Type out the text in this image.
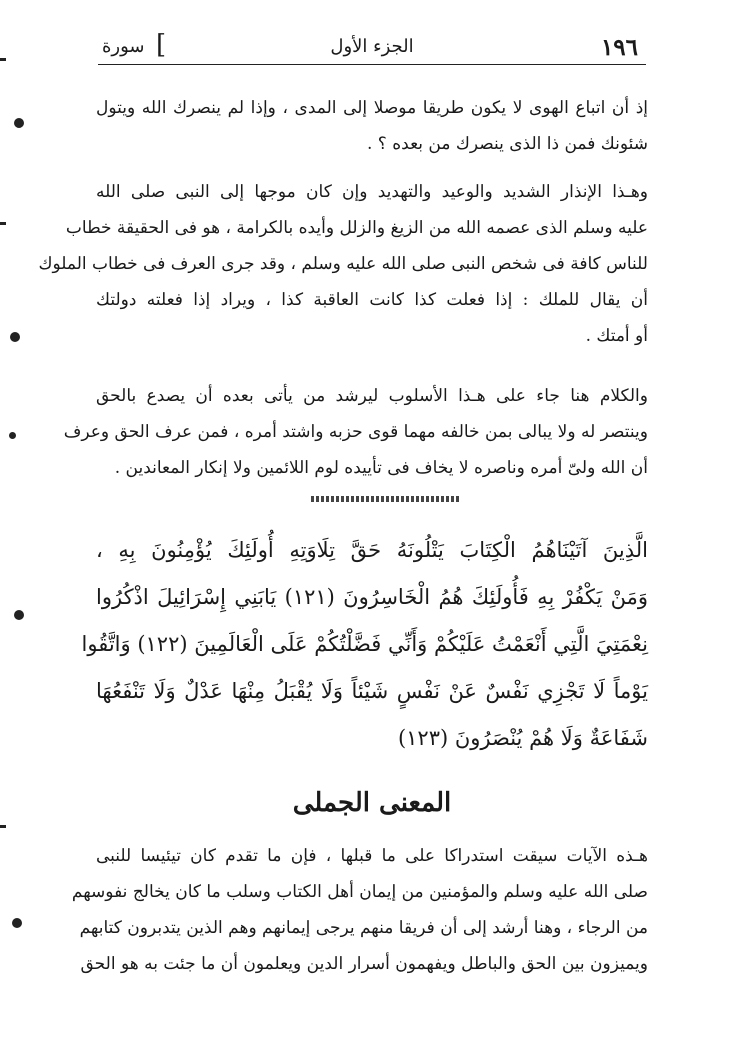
١٩٦
الجزء الأول
[
سورة
إذ أن اتباع الهوى لا يكون طريقا موصلا إلى المدى ، وإذا لم ينصرك الله ويتول
شئونك فمن ذا الذى ينصرك من بعده ؟ .
وهـذا الإنذار الشديد والوعيد والتهديد وإن كان موجها إلى النبى صلى الله
عليه وسلم الذى عصمه الله من الزيغ والزلل وأيده بالكرامة ، هو فى الحقيقة خطاب
للناس كافة فى شخص النبى صلى الله عليه وسلم ، وقد جرى العرف فى خطاب الملوك
أن يقال للملك : إذا فعلت كذا كانت العاقبة كذا ، ويراد إذا فعلته دولتك
أو أمتك .
والكلام هنا جاء على هـذا الأسلوب ليرشد من يأتى بعده أن يصدع بالحق
وينتصر له ولا يبالى بمن خالفه مهما قوى حزبه واشتد أمره ، فمن عرف الحق وعرف
أن الله ولىّ أمره وناصره لا يخاف فى تأييده لوم اللائمين ولا إنكار المعاندين .
الَّذِينَ آتَيْنَاهُمُ الْكِتَابَ يَتْلُونَهُ حَقَّ تِلَاوَتِهِ أُولَئِكَ يُؤْمِنُونَ بِهِ ،
وَمَنْ يَكْفُرْ بِهِ فَأُولَئِكَ هُمُ الْخَاسِرُونَ (١٢١) يَابَنِي إِسْرَائِيلَ اذْكُرُوا
نِعْمَتِيَ الَّتِي أَنْعَمْتُ عَلَيْكُمْ وَأَنِّي فَضَّلْتُكُمْ عَلَى الْعَالَمِينَ (١٢٢) وَاتَّقُوا
يَوْماً لَا تَجْزِي نَفْسٌ عَنْ نَفْسٍ شَيْئاً وَلَا يُقْبَلُ مِنْهَا عَدْلٌ وَلَا تَنْفَعُهَا
شَفَاعَةٌ وَلَا هُمْ يُنْصَرُونَ (١٢٣)
المعنى الجملى
هـذه الآيات سيقت استدراكا على ما قبلها ، فإن ما تقدم كان تيئيسا للنبى
صلى الله عليه وسلم والمؤمنين من إيمان أهل الكتاب وسلب ما كان يخالج نفوسهم
من الرجاء ، وهنا أرشد إلى أن فريقا منهم يرجى إيمانهم وهم الذين يتدبرون كتابهم
ويميزون بين الحق والباطل ويفهمون أسرار الدين ويعلمون أن ما جئت به هو الحق
